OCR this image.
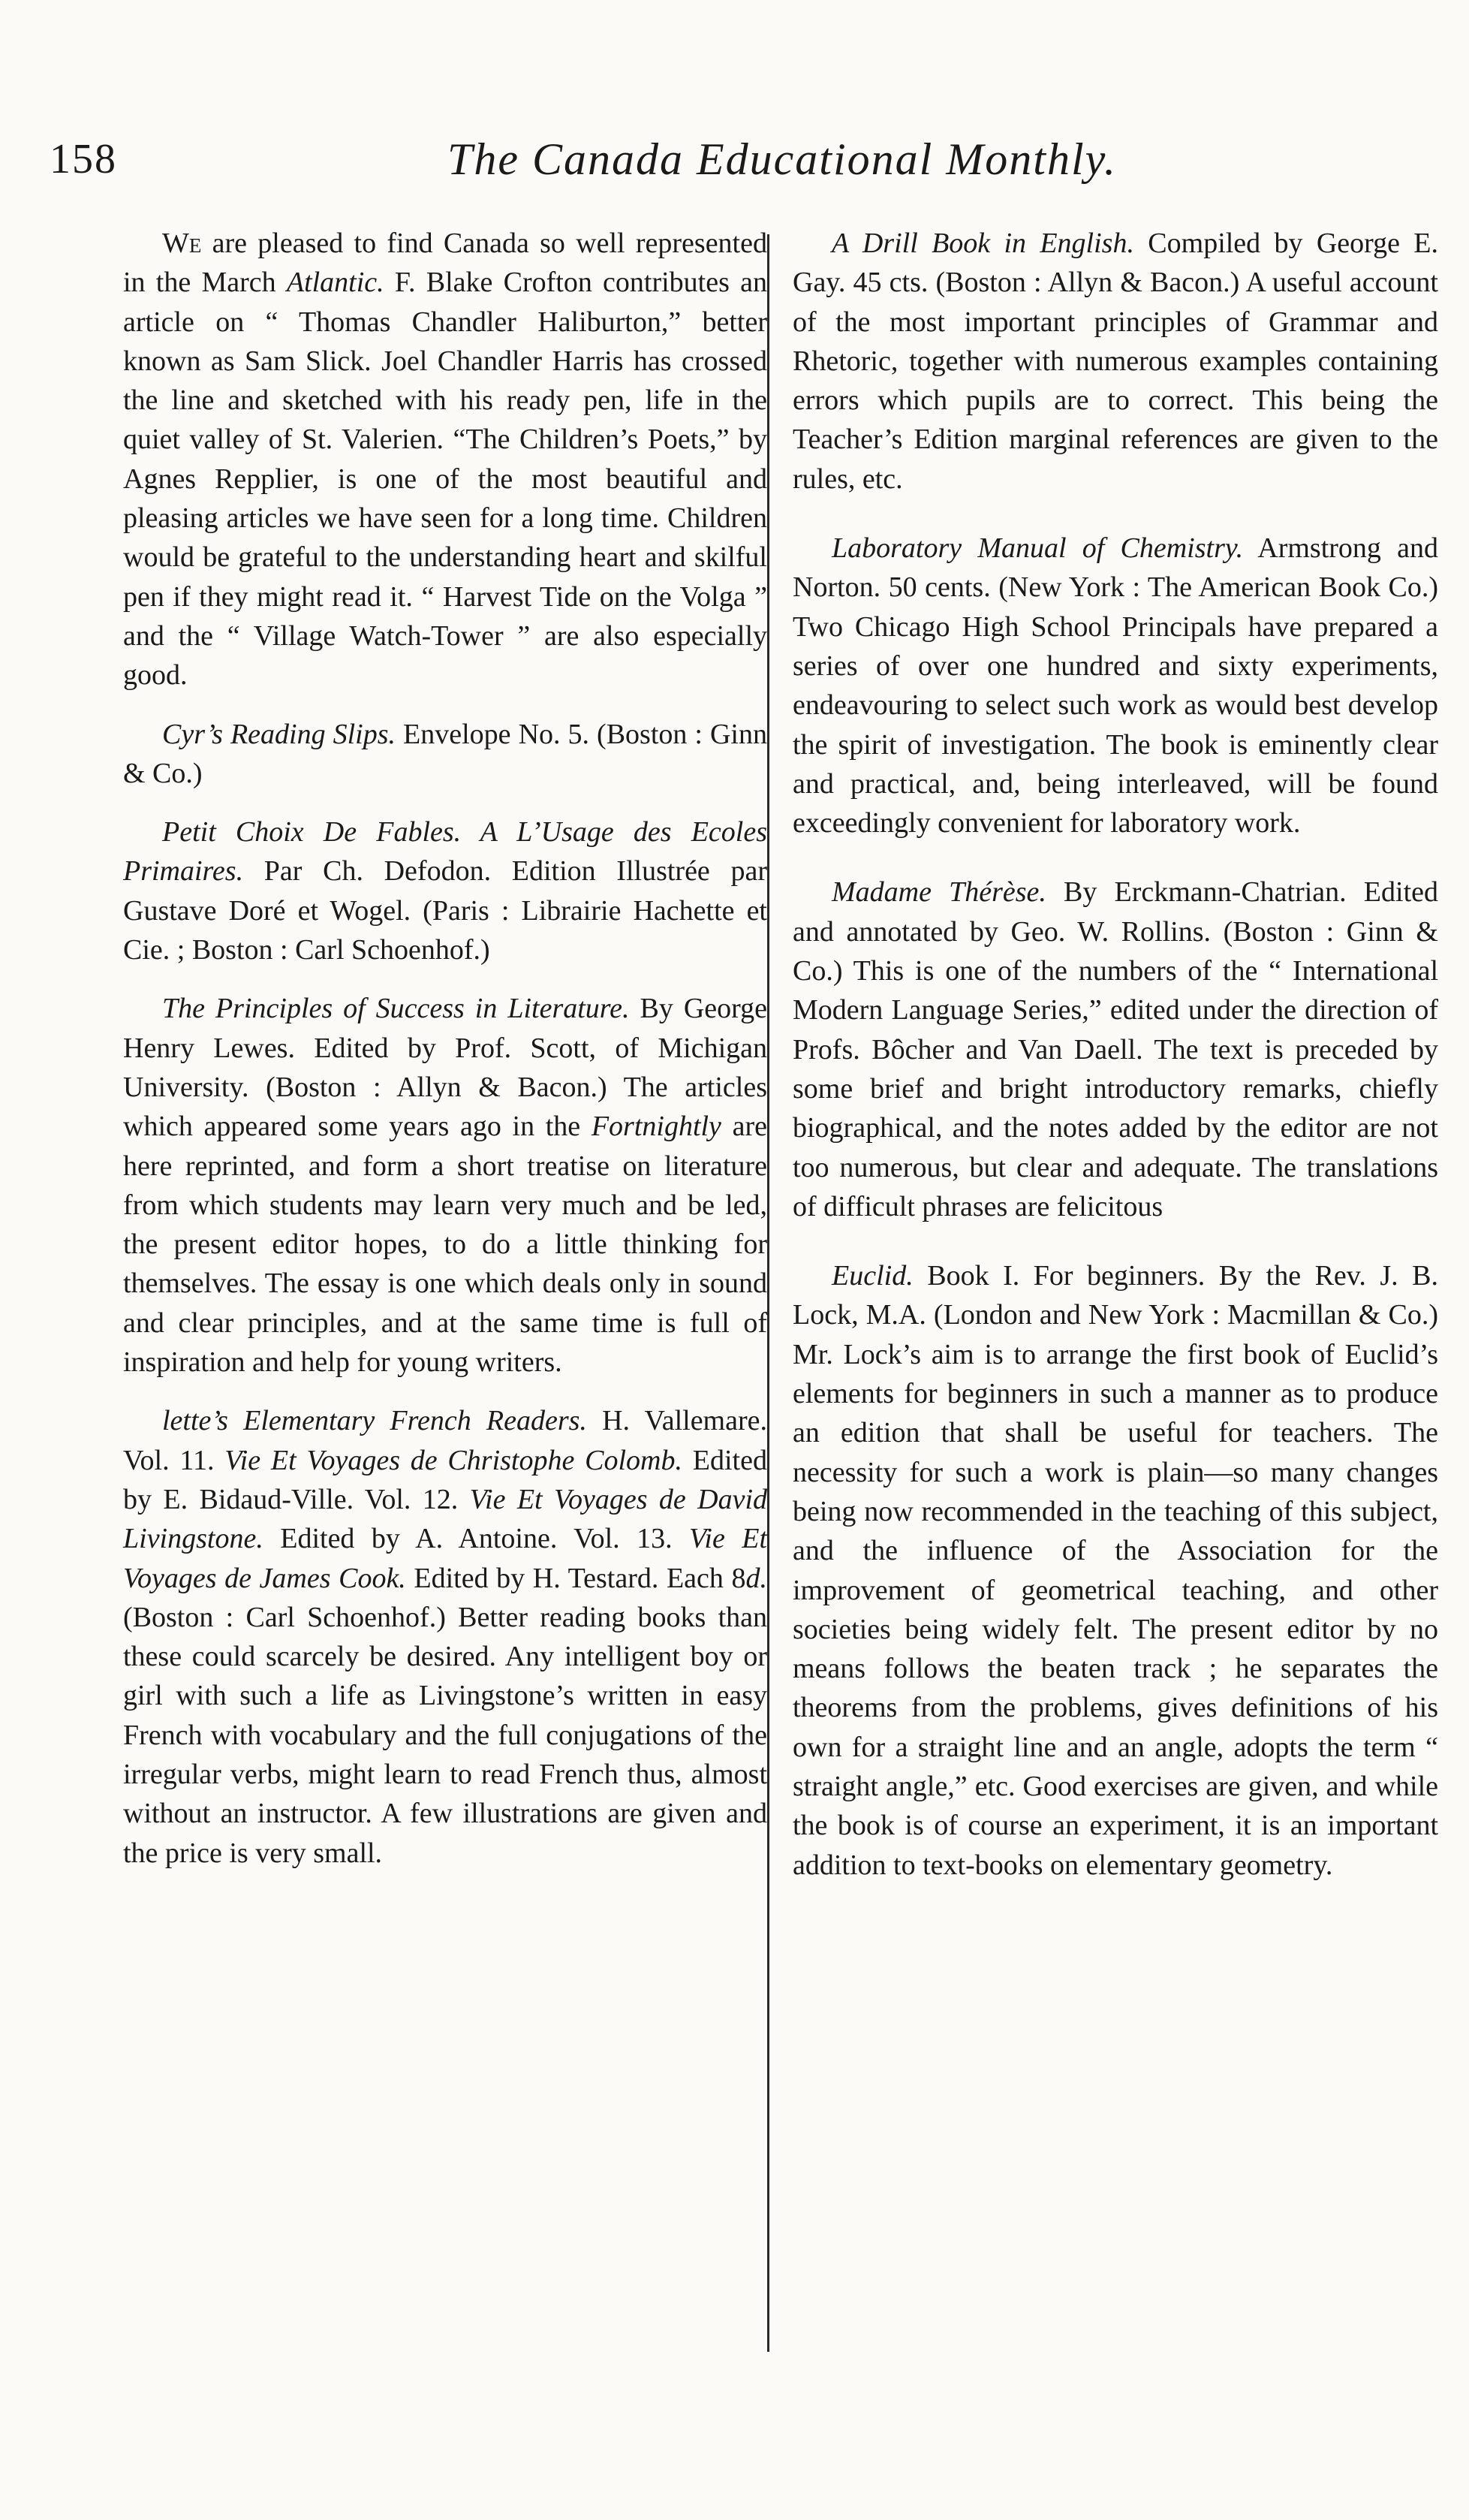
158	The Canada Educational Monthly.

We are pleased to find Canada so well represented in the March Atlantic. F. Blake Crofton contributes an article on “ Thomas Chandler Haliburton,” better known as Sam Slick. Joel Chandler Harris has crossed the line and sketched with his ready pen, life in the quiet valley of St. Valerien. “The Children’s Poets,” by Agnes Repplier, is one of the most beautiful and pleasing articles we have seen for a long time. Children would be grateful to the understanding heart and skilful pen if they might read it. “ Harvest Tide on the Volga ” and the “ Village Watch-Tower ” are also especially good.

Cyr’s Reading Slips. Envelope No. 5. (Boston : Ginn & Co.)

Petit Choix De Fables. A L’Usage des Ecoles Primaires. Par Ch. Defodon. Edition Illustrée par Gustave Doré et Wogel. (Paris : Librairie Hachette et Cie. ; Boston : Carl Schoenhof.)

The Principles of Success in Literature. By George Henry Lewes. Edited by Prof. Scott, of Michigan University. (Boston : Allyn & Bacon.) The articles which appeared some years ago in the Fortnightly are here reprinted, and form a short treatise on literature from which students may learn very much and be led, the present editor hopes, to do a little thinking for themselves. The essay is one which deals only in sound and clear principles, and at the same time is full of inspiration and help for young writers.

lette’s Elementary French Readers. H. Vallemare. Vol. 11. Vie Et Voyages de Christophe Colomb. Edited by E. Bidaud-Ville. Vol. 12. Vie Et Voyages de David Livingstone. Edited by A. Antoine. Vol. 13. Vie Et Voyages de James Cook. Edited by H. Testard. Each 8d. (Boston : Carl Schoenhof.) Better reading books than these could scarcely be desired. Any intelligent boy or girl with such a life as Livingstone’s written in easy French with vocabulary and the full conjugations of the irregular verbs, might learn to read French thus, almost without an instructor. A few illustrations are given and the price is very small.

A Drill Book in English. Compiled by George E. Gay. 45 cts. (Boston : Allyn & Bacon.) A useful account of the most important principles of Grammar and Rhetoric, together with numerous examples containing errors which pupils are to correct. This being the Teacher’s Edition marginal references are given to the rules, etc.

Laboratory Manual of Chemistry. Armstrong and Norton. 50 cents. (New York : The American Book Co.) Two Chicago High School Principals have prepared a series of over one hundred and sixty experiments, endeavouring to select such work as would best develop the spirit of investigation. The book is eminently clear and practical, and, being interleaved, will be found exceedingly convenient for laboratory work.

Madame Thérèse. By Erckmann-Chatrian. Edited and annotated by Geo. W. Rollins. (Boston : Ginn & Co.) This is one of the numbers of the “ International Modern Language Series,” edited under the direction of Profs. Bôcher and Van Daell. The text is preceded by some brief and bright introductory remarks, chiefly biographical, and the notes added by the editor are not too numerous, but clear and adequate. The translations of difficult phrases are felicitous

Euclid. Book I. For beginners. By the Rev. J. B. Lock, M.A. (London and New York : Macmillan & Co.) Mr. Lock’s aim is to arrange the first book of Euclid’s elements for beginners in such a manner as to produce an edition that shall be useful for teachers. The necessity for such a work is plain—so many changes being now recommended in the teaching of this subject, and the influence of the Association for the improvement of geometrical teaching, and other societies being widely felt. The present editor by no means follows the beaten track ; he separates the theorems from the problems, gives definitions of his own for a straight line and an angle, adopts the term “ straight angle,” etc. Good exercises are given, and while the book is of course an experiment, it is an important addition to text-books on elementary geometry.
